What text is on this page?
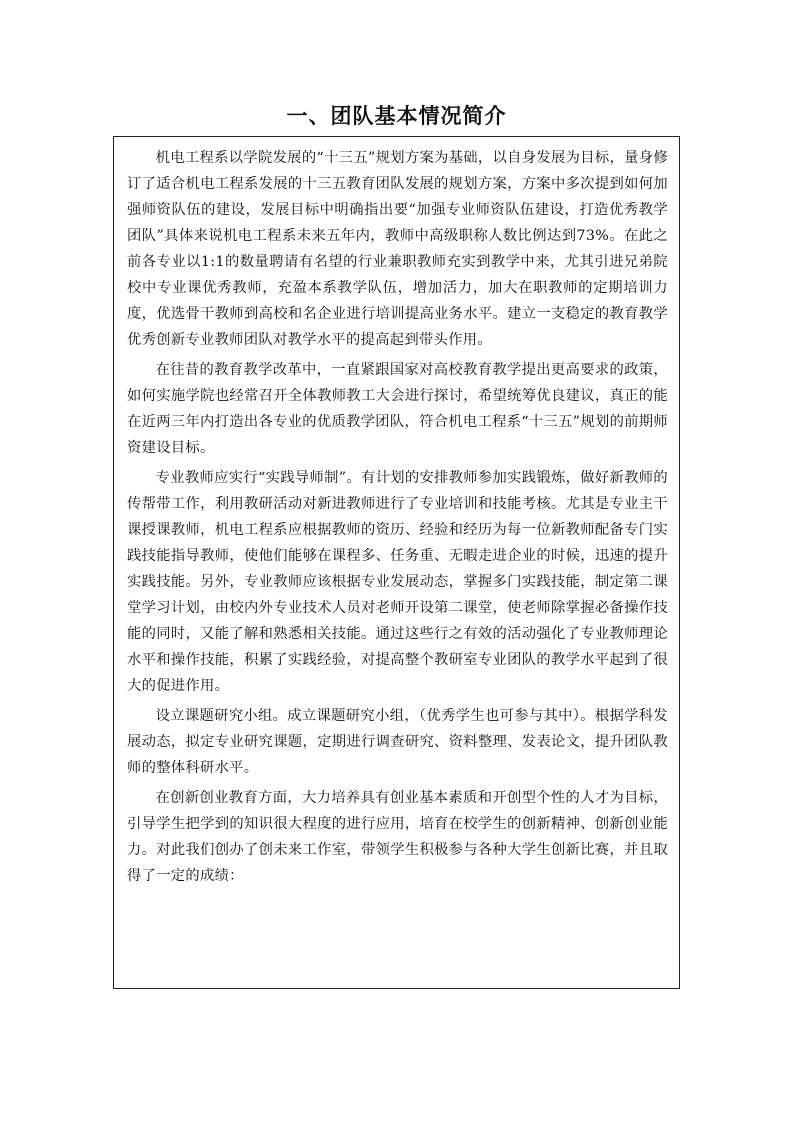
一、团队基本情况简介

机电工程系以学院发展的“十三五”规划方案为基础，以自身发展为目标，量身修订了适合机电工程系发展的十三五教育团队发展的规划方案，方案中多次提到如何加强师资队伍的建设，发展目标中明确指出要“加强专业师资队伍建设，打造优秀教学团队”具体来说机电工程系未来五年内，教师中高级职称人数比例达到73%。在此之前各专业以1:1的数量聘请有名望的行业兼职教师充实到教学中来，尤其引进兄弟院校中专业课优秀教师，充盈本系教学队伍，增加活力，加大在职教师的定期培训力度，优选骨干教师到高校和名企业进行培训提高业务水平。建立一支稳定的教育教学优秀创新专业教师团队对教学水平的提高起到带头作用。

在往昔的教育教学改革中，一直紧跟国家对高校教育教学提出更高要求的政策，如何实施学院也经常召开全体教师教工大会进行探讨，希望统筹优良建议，真正的能在近两三年内打造出各专业的优质教学团队，符合机电工程系“十三五”规划的前期师资建设目标。

专业教师应实行“实践导师制”。有计划的安排教师参加实践锻炼，做好新教师的传帮带工作，利用教研活动对新进教师进行了专业培训和技能考核。尤其是专业主干课授课教师，机电工程系应根据教师的资历、经验和经历为每一位新教师配备专门实践技能指导教师，使他们能够在课程多、任务重、无暇走进企业的时候，迅速的提升实践技能。另外，专业教师应该根据专业发展动态，掌握多门实践技能，制定第二课堂学习计划，由校内外专业技术人员对老师开设第二课堂，使老师除掌握必备操作技能的同时，又能了解和熟悉相关技能。通过这些行之有效的活动强化了专业教师理论水平和操作技能，积累了实践经验，对提高整个教研室专业团队的教学水平起到了很大的促进作用。

设立课题研究小组。成立课题研究小组，（优秀学生也可参与其中）。根据学科发展动态，拟定专业研究课题，定期进行调查研究、资料整理、发表论文，提升团队教师的整体科研水平。

在创新创业教育方面，大力培养具有创业基本素质和开创型个性的人才为目标，引导学生把学到的知识很大程度的进行应用，培育在校学生的创新精神、创新创业能力。对此我们创办了创未来工作室，带领学生积极参与各种大学生创新比赛，并且取得了一定的成绩：
